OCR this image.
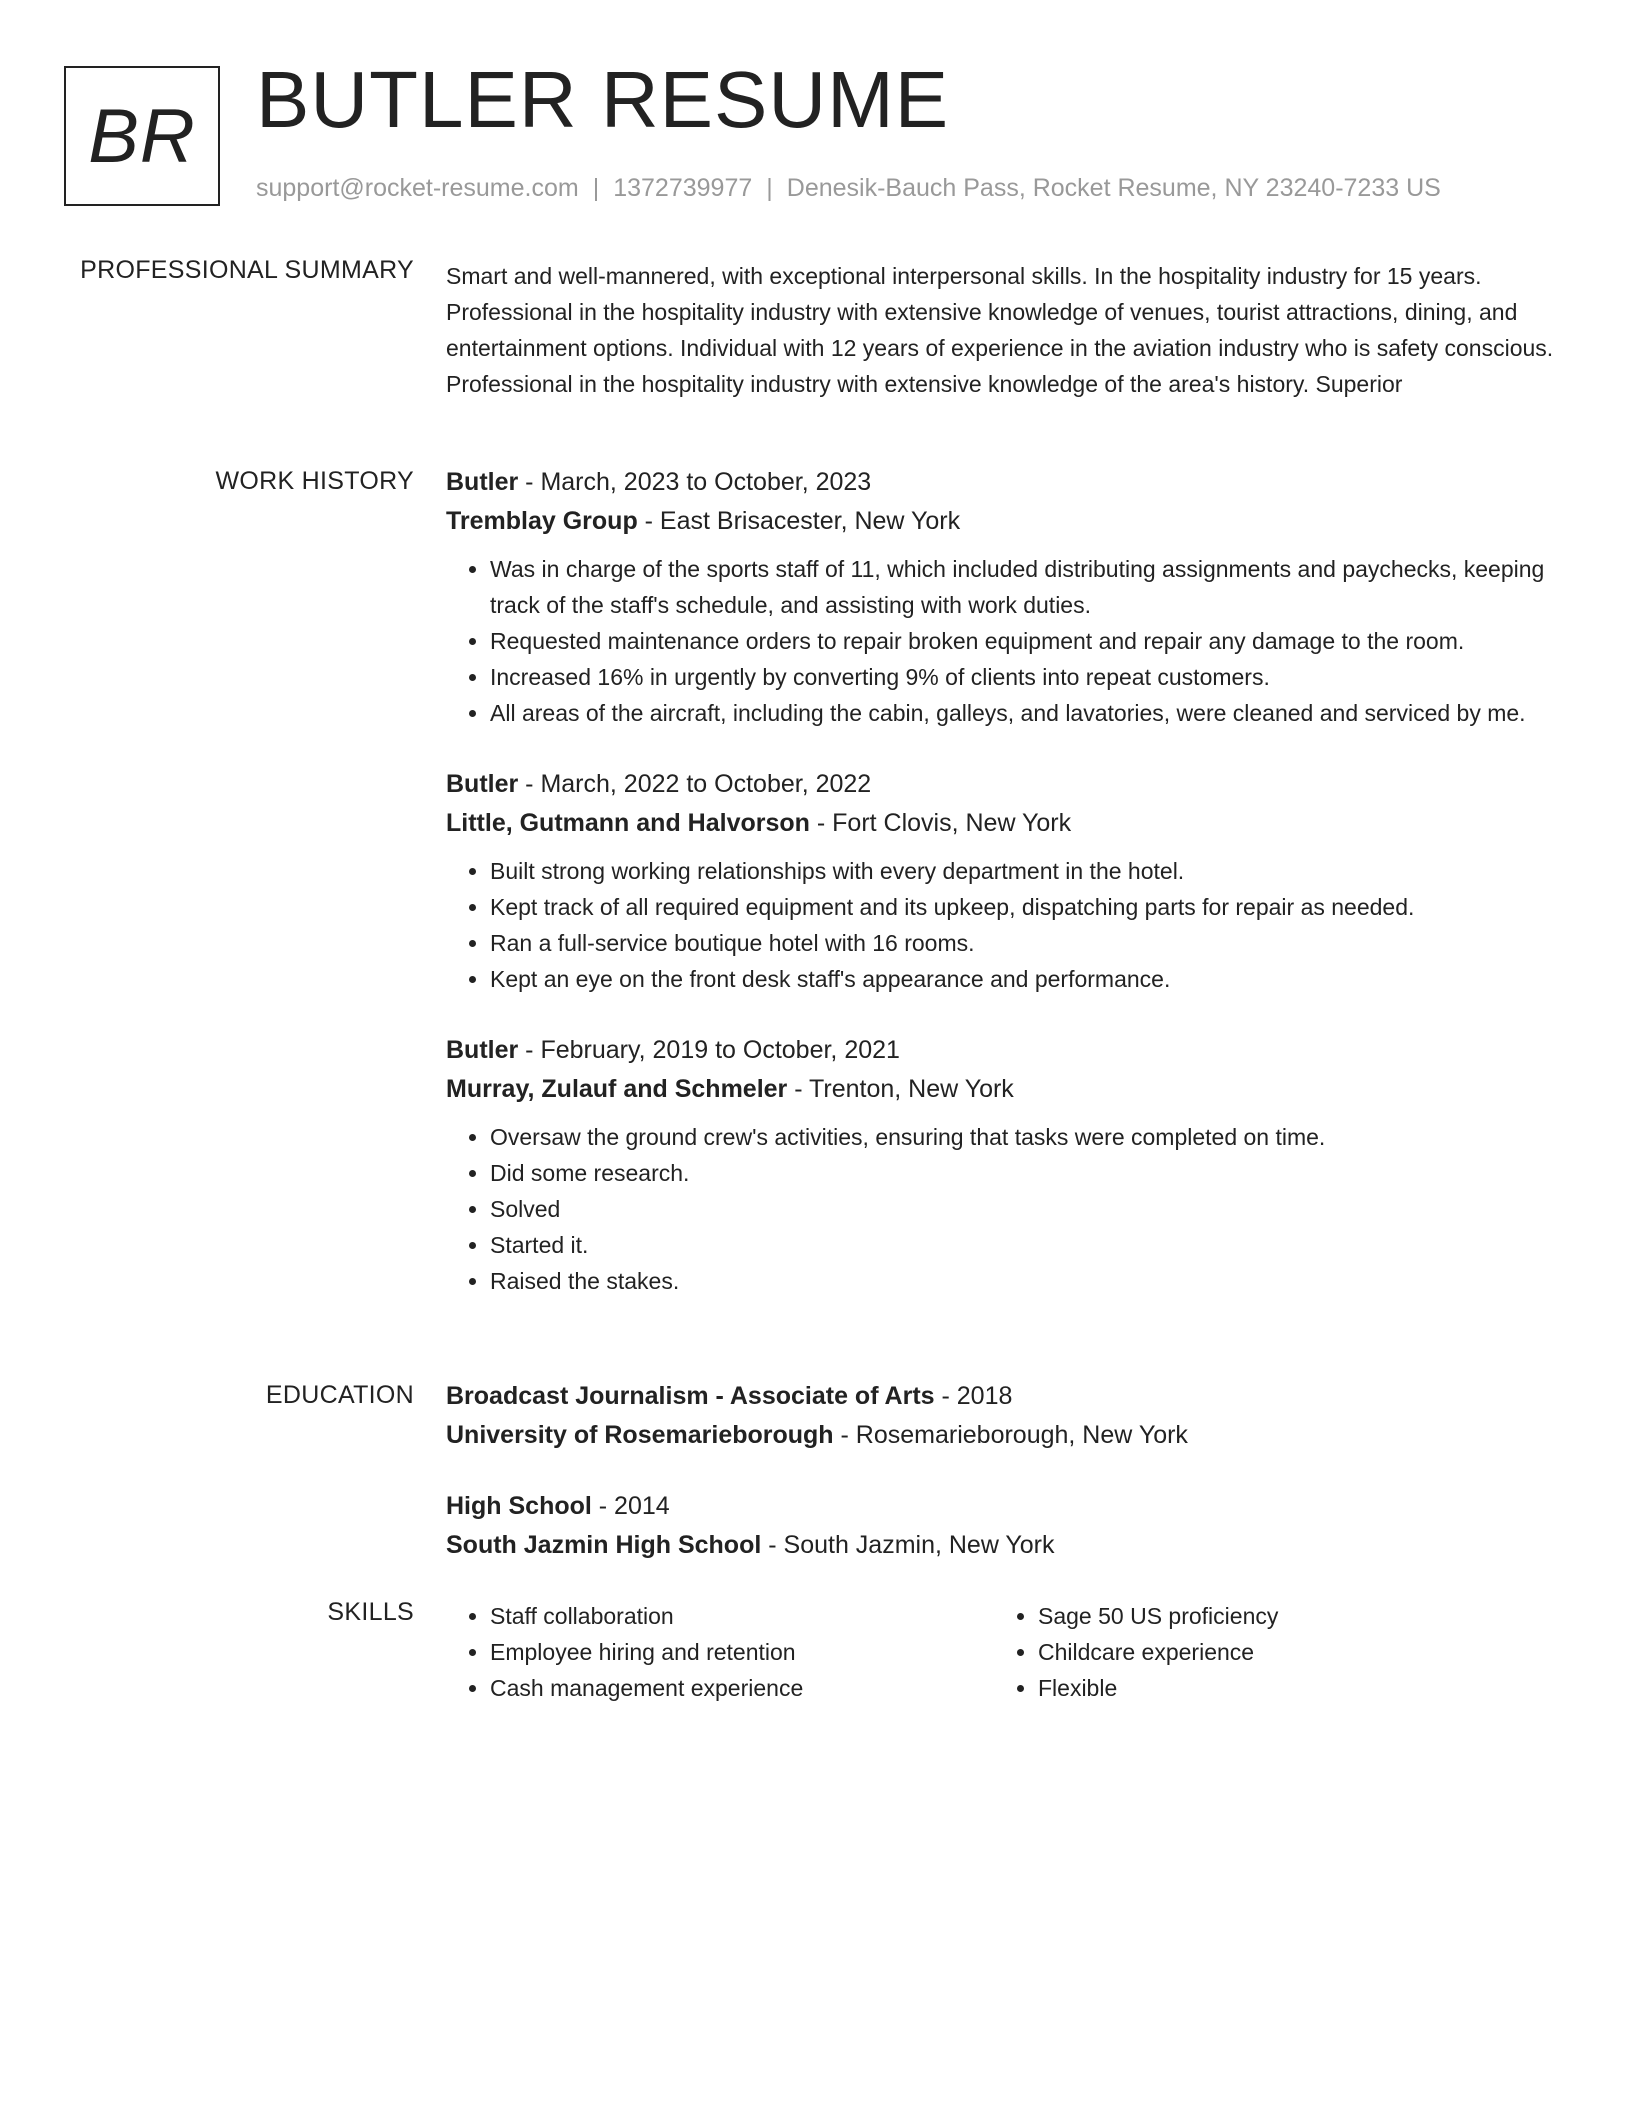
BR BUTLER RESUME
support@rocket-resume.com | 1372739977 | Denesik-Bauch Pass, Rocket Resume, NY 23240-7233 US
PROFESSIONAL SUMMARY Smart and well-mannered, with exceptional interpersonal skills. In the hospitality industry for 15 years. Professional in the hospitality industry with extensive knowledge of venues, tourist attractions, dining, and entertainment options. Individual with 12 years of experience in the aviation industry who is safety conscious. Professional in the hospitality industry with extensive knowledge of the area's history. Superior

WORK HISTORY Butler - March, 2023 to October, 2023
Tremblay Group - East Brisacester, New York
• Was in charge of the sports staff of 11, which included distributing assignments and paychecks, keeping track of the staff's schedule, and assisting with work duties.
• Requested maintenance orders to repair broken equipment and repair any damage to the room.
• Increased 16% in urgently by converting 9% of clients into repeat customers.
• All areas of the aircraft, including the cabin, galleys, and lavatories, were cleaned and serviced by me.
Butler - March, 2022 to October, 2022
Little, Gutmann and Halvorson - Fort Clovis, New York
• Built strong working relationships with every department in the hotel.
• Kept track of all required equipment and its upkeep, dispatching parts for repair as needed.
• Ran a full-service boutique hotel with 16 rooms.
• Kept an eye on the front desk staff's appearance and performance.
Butler - February, 2019 to October, 2021
Murray, Zulauf and Schmeler - Trenton, New York
• Oversaw the ground crew's activities, ensuring that tasks were completed on time.
• Did some research.
• Solved
• Started it.
• Raised the stakes.
EDUCATION Broadcast Journalism - Associate of Arts - 2018
University of Rosemarieborough - Rosemarieborough, New York
High School - 2014
South Jazmin High School - South Jazmin, New York
SKILLS
•	Staff collaboration
• Employee hiring and retention
• Cash management experience
• Sage 50 US proficiency
• Childcare experience
• Flexible
